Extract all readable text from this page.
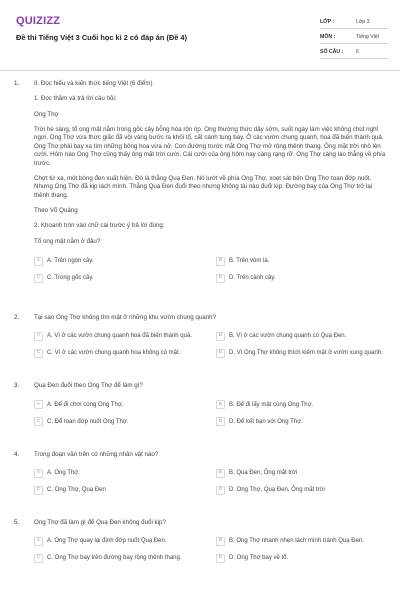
QUIZIZZ
Đề thi Tiếng Việt 3 Cuối học kì 2 có đáp án (Đề 4)
LỚP :	Lớp 3
MÔN :	Tiếng Việt
SỐ CÂU :	6
1. II. Đọc hiểu và kiến thức tiếng Việt (6 điểm)
1. Đọc thầm và trả lời câu hỏi:
Ong Thợ
Trời hé sáng, tổ ong mật nằm trong gốc cây bỗng hóa rộn rịp. Ong thường thức dậy sớm, suốt ngày làm việc không chút nghỉ ngơi. Ong Thợ vừa thức giấc đã vội vàng bước ra khỏi tổ, cất cánh tung bay. Ở các vườn chung quanh, hoa đã biến thành quả. Ong Thợ phải bay xa tìm những bông hoa vừa nở. Con đường trước mắt Ong Thợ mở rộng thênh thang. Ông mặt trời nhô lên cười. Hôm nào Ong Thợ cũng thấy ông mặt trời cười. Cái cười của ông hôm nay càng rạng rỡ. Ong Thợ càng lao thẳng về phía trước.
Chợt từ xa, một bóng đen xuất hiện. Đó là thằng Quạ Đen. Nó lướt về phía Ong Thợ, xoẹt sát bên Ong Thợ toan đớp nuốt. Nhưng Ong Thợ đã kịp lách mình. Thằng Quạ Đen đuổi theo nhưng không tài nào đuổi kịp. Đường bay của Ong Thợ trở lại thênh thang.
Theo Võ Quảng
2. Khoanh tròn vào chữ cái trước ý trả lời đúng:
Tổ ong mật nằm ở đâu?
A	A. Trên ngọn cây.	B	B. Trên vòm lá.
C	C. Trong gốc cây.	D	D. Trên cành cây.
2. Tại sao Ong Thợ không tìm mật ở những khu vườn chung quanh?
A	A. Vì ở các vườn chung quanh hoa đã biến thành quả.	B	B. Vì ở các vườn chung quanh có Quạ Đen.
C	C. Vì ở các vườn chung quanh hoa không có mật.	D	D. Vì Ong Thợ không thích kiếm mật ở vườn xung quanh.
3. Quạ Đen đuổi theo Ong Thợ để làm gì?
A	A. Để đi chơi cùng Ong Thợ.	B	B. Để đi lấy mật cùng Ong Thợ.
C	C. Để toan đớp nuốt Ong Thợ.	D	D. Để kết bạn với Ong Thợ.
4. Trong đoạn văn trên có những nhân vật nào?
A	A. Ong Thợ.	B	B. Quạ Đen, Ông mặt trời
C	C. Ong Thợ, Quạ Đen	D	D. Ong Thợ, Quạ Đen, Ông mặt trời
5. Ong Thợ đã làm gì để Quạ Đen không đuổi kịp?
A	A. Ong Thợ quay lại định đớp nuốt Quạ Đen.	B	B. Ong Thợ nhanh nhẹn lách mình tránh Quạ Đen.
C	C. Ong Thợ bay trên đường bay rộng thênh thang.	D	D. Ong Thợ bay về tổ.
